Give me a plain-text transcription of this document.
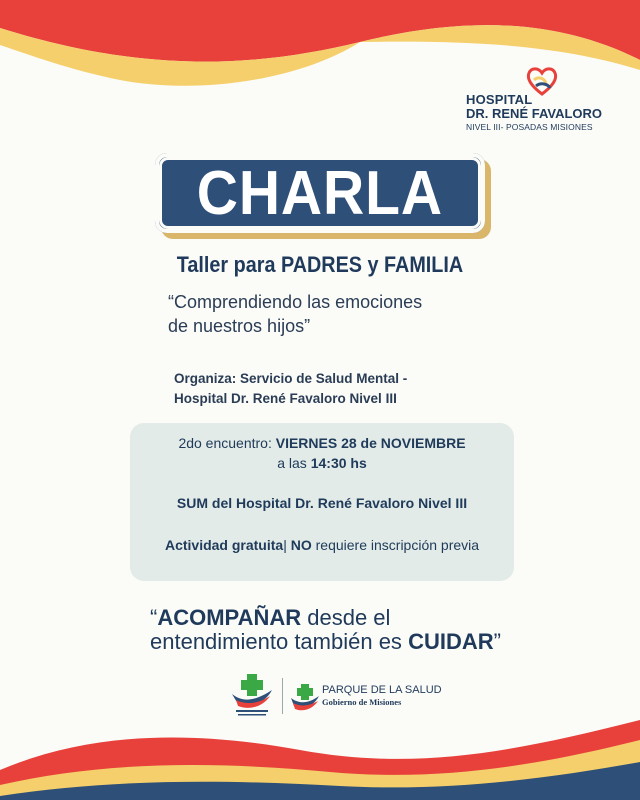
HOSPITAL
DR. RENÉ FAVALORO
NIVEL III- POSADAS MISIONES
CHARLA
Taller para PADRES y FAMILIA
“Comprendiendo las emociones
de nuestros hijos”
Organiza: Servicio de Salud Mental -
Hospital Dr. René Favaloro Nivel III
2do encuentro: VIERNES 28 de NOVIEMBRE
a las 14:30 hs
SUM del Hospital Dr. René Favaloro Nivel III
Actividad gratuita| NO requiere inscripción previa
“ACOMPAÑAR desde el
entendimiento también es CUIDAR”
PARQUE DE LA SALUD
Gobierno de Misiones
